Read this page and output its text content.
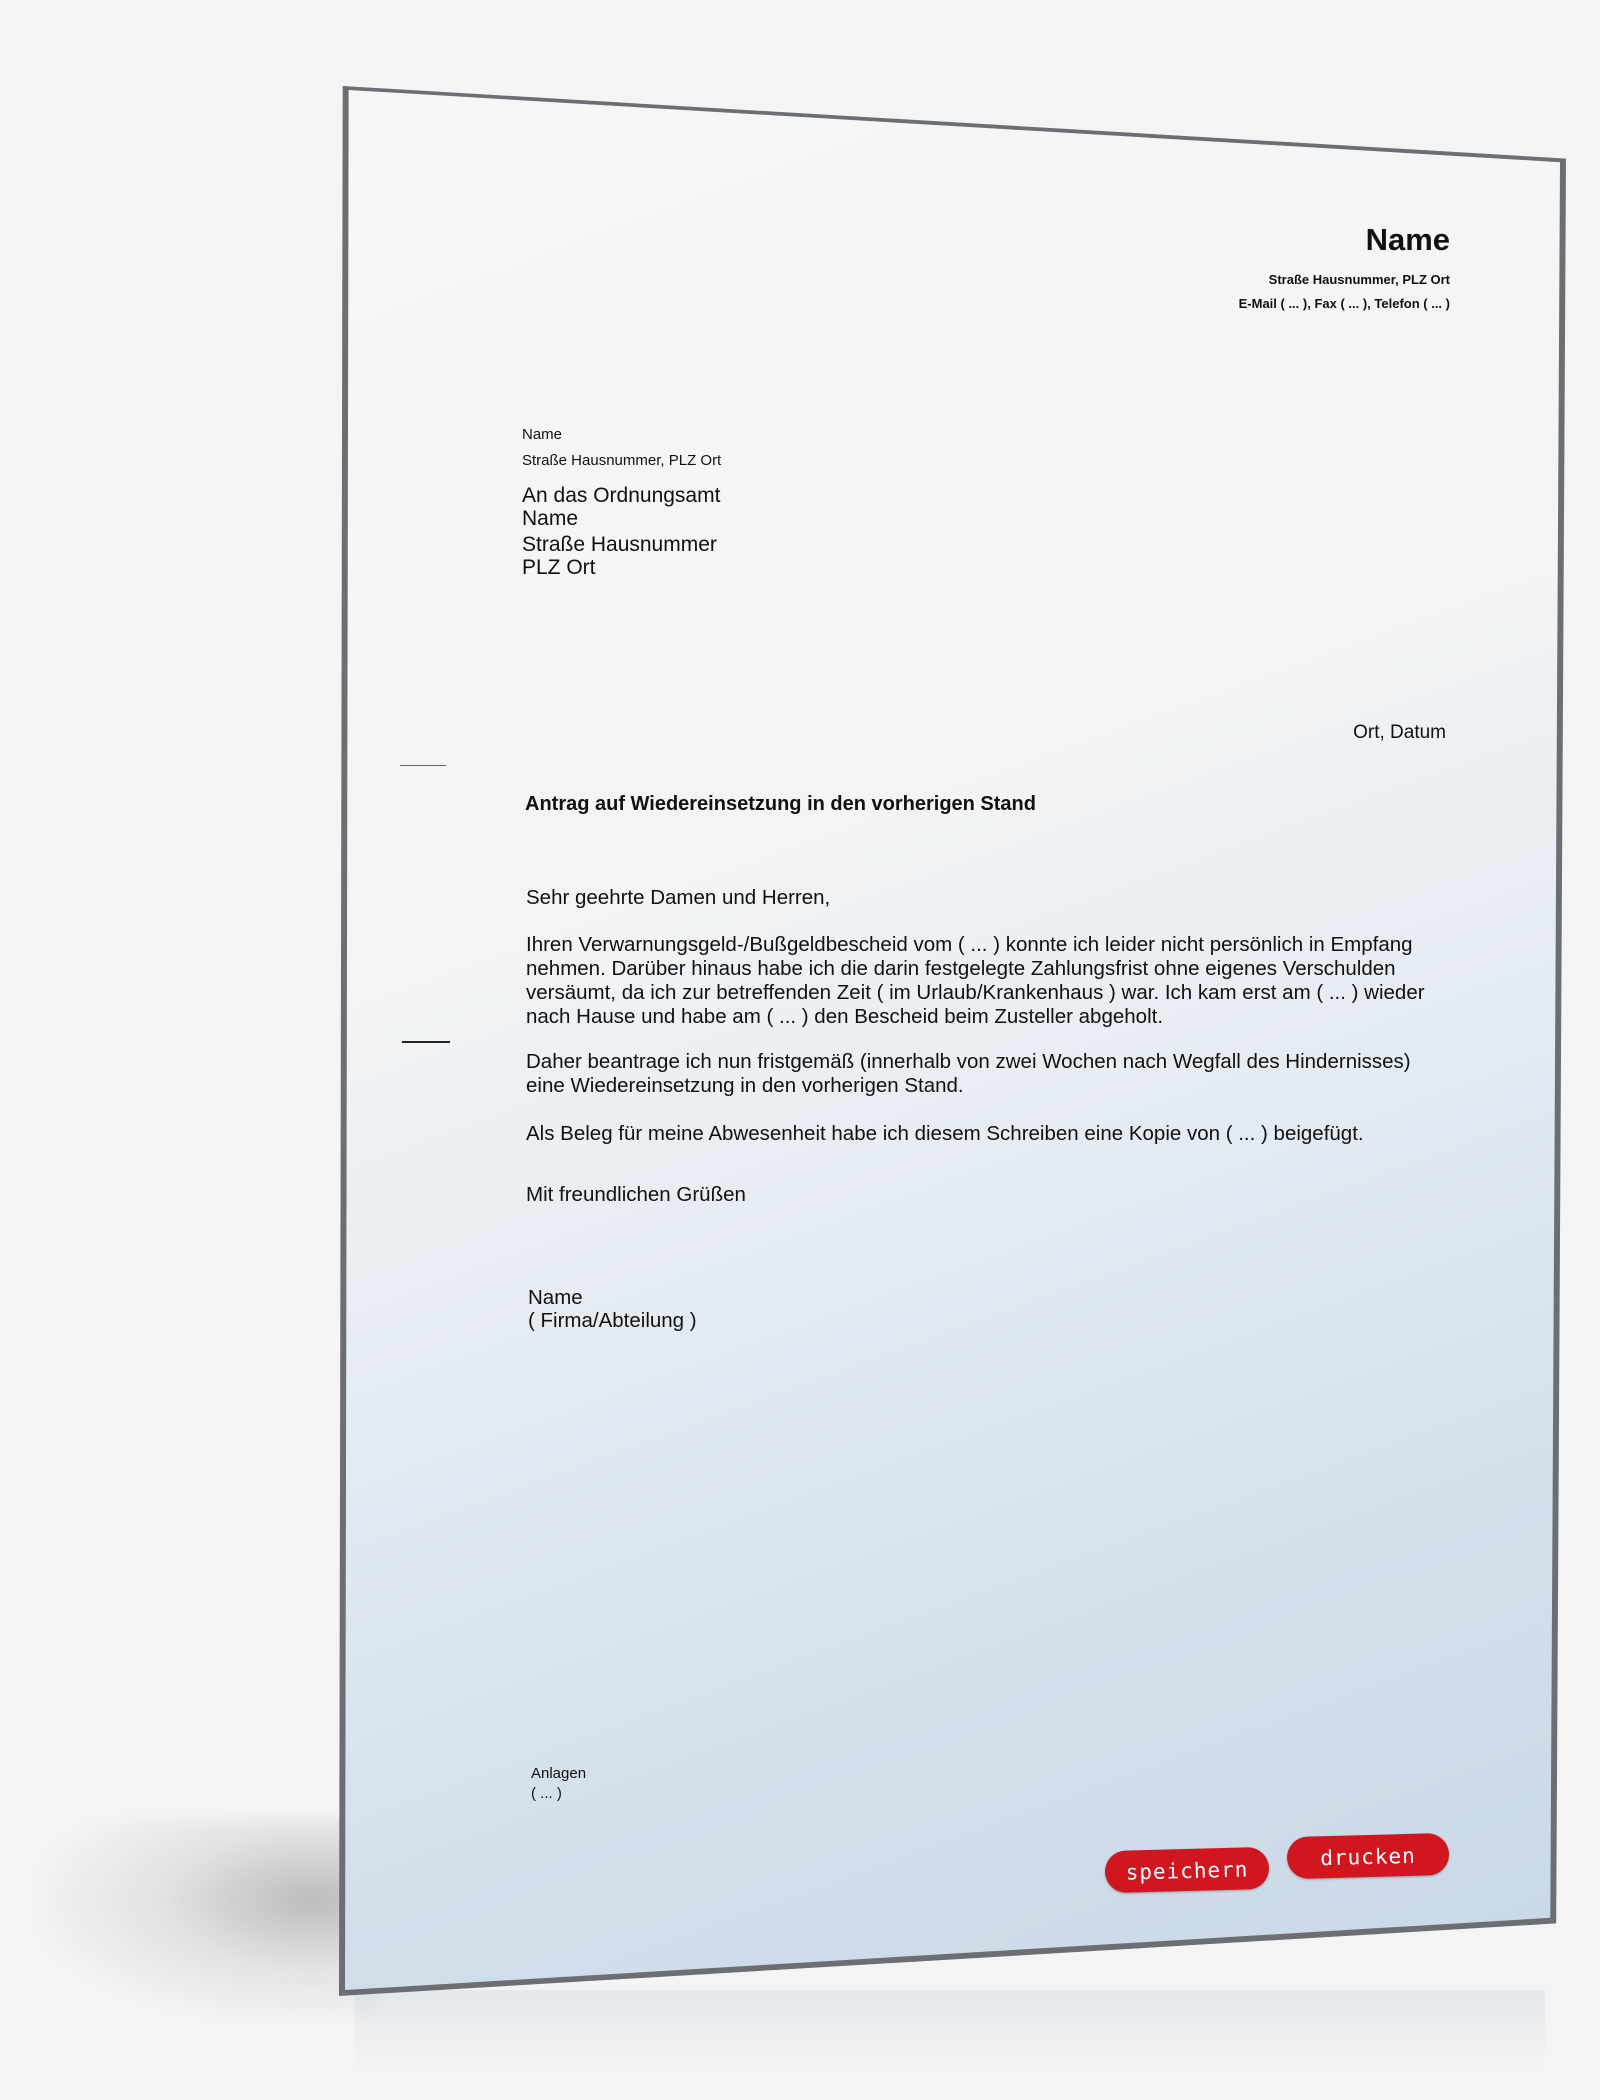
Name
Straße Hausnummer, PLZ Ort
E-Mail ( ... ), Fax ( ... ), Telefon ( ... )
Name
Straße Hausnummer, PLZ Ort
An das Ordnungsamt
Name
Straße Hausnummer
PLZ Ort
Ort, Datum
Antrag auf Wiedereinsetzung in den vorherigen Stand
Sehr geehrte Damen und Herren,
Ihren Verwarnungsgeld-/Bußgeldbescheid vom ( ... ) konnte ich leider nicht persönlich in Empfang nehmen. Darüber hinaus habe ich die darin festgelegte Zahlungsfrist ohne eigenes Verschulden versäumt, da ich zur betreffenden Zeit ( im Urlaub/Krankenhaus ) war. Ich kam erst am ( ... ) wieder nach Hause und habe am ( ... ) den Bescheid beim Zusteller abgeholt.
Daher beantrage ich nun fristgemäß (innerhalb von zwei Wochen nach Wegfall des Hindernisses) eine Wiedereinsetzung in den vorherigen Stand.
Als Beleg für meine Abwesenheit habe ich diesem Schreiben eine Kopie von ( ... ) beigefügt.
Mit freundlichen Grüßen
Name
( Firma/Abteilung )
Anlagen
( ... )
speichern
drucken
